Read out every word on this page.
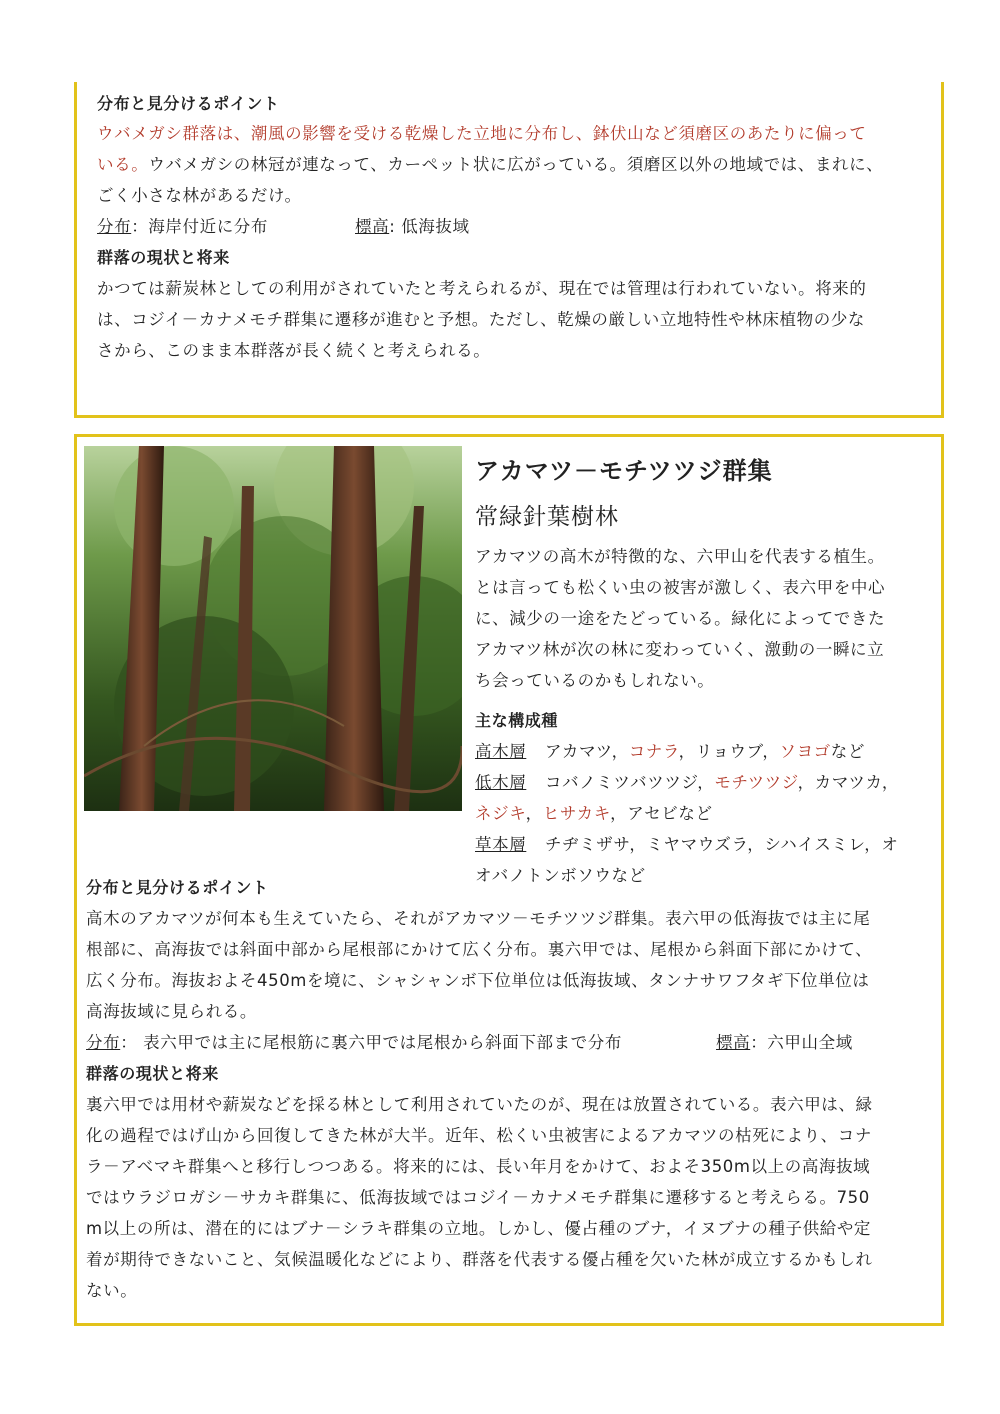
分布と見分けるポイント
ウバメガシ群落は、潮風の影響を受ける乾燥した立地に分布し、鉢伏山など須磨区のあたりに偏って
いる。ウバメガシの林冠が連なって、カーペット状に広がっている。須磨区以外の地域では、まれに、
ごく小さな林があるだけ。
分布：海岸付近に分布	標高: 低海抜域
群落の現状と将来
かつては薪炭林としての利用がされていたと考えられるが、現在では管理は行われていない。将来的
は、コジイ－カナメモチ群集に遷移が進むと予想。ただし、乾燥の厳しい立地特性や林床植物の少な
さから、このまま本群落が長く続くと考えられる。
アカマツ－モチツツジ群集
常緑針葉樹林
アカマツの高木が特徴的な、六甲山を代表する植生。
とは言っても松くい虫の被害が激しく、表六甲を中心
に、減少の一途をたどっている。緑化によってできた
アカマツ林が次の林に変わっていく、激動の一瞬に立
ち会っているのかもしれない。
主な構成種
高木層 アカマツ，コナラ，リョウブ，ソヨゴなど
低木層 コバノミツバツツジ，モチツツジ，カマツカ，
ネジキ，ヒサカキ，アセビなど
草本層 チヂミザサ，ミヤマウズラ，シハイスミレ，オ
オバノトンボソウなど
分布と見分けるポイント
高木のアカマツが何本も生えていたら、それがアカマツ－モチツツジ群集。表六甲の低海抜では主に尾
根部に、高海抜では斜面中部から尾根部にかけて広く分布。裏六甲では、尾根から斜面下部にかけて、
広く分布。海抜およそ450mを境に、シャシャンボ下位単位は低海抜域、タンナサワフタギ下位単位は
高海抜域に見られる。
分布： 表六甲では主に尾根筋に裏六甲では尾根から斜面下部まで分布	標高：六甲山全域
群落の現状と将来
裏六甲では用材や薪炭などを採る林として利用されていたのが、現在は放置されている。表六甲は、緑
化の過程ではげ山から回復してきた林が大半。近年、松くい虫被害によるアカマツの枯死により、コナ
ラ－アベマキ群集へと移行しつつある。将来的には、長い年月をかけて、およそ350m以上の高海抜域
ではウラジロガシ－サカキ群集に、低海抜域ではコジイ－カナメモチ群集に遷移すると考えらる。750
m以上の所は、潜在的にはブナ－シラキ群集の立地。しかし、優占種のブナ，イヌブナの種子供給や定
着が期待できないこと、気候温暖化などにより、群落を代表する優占種を欠いた林が成立するかもしれ
ない。
